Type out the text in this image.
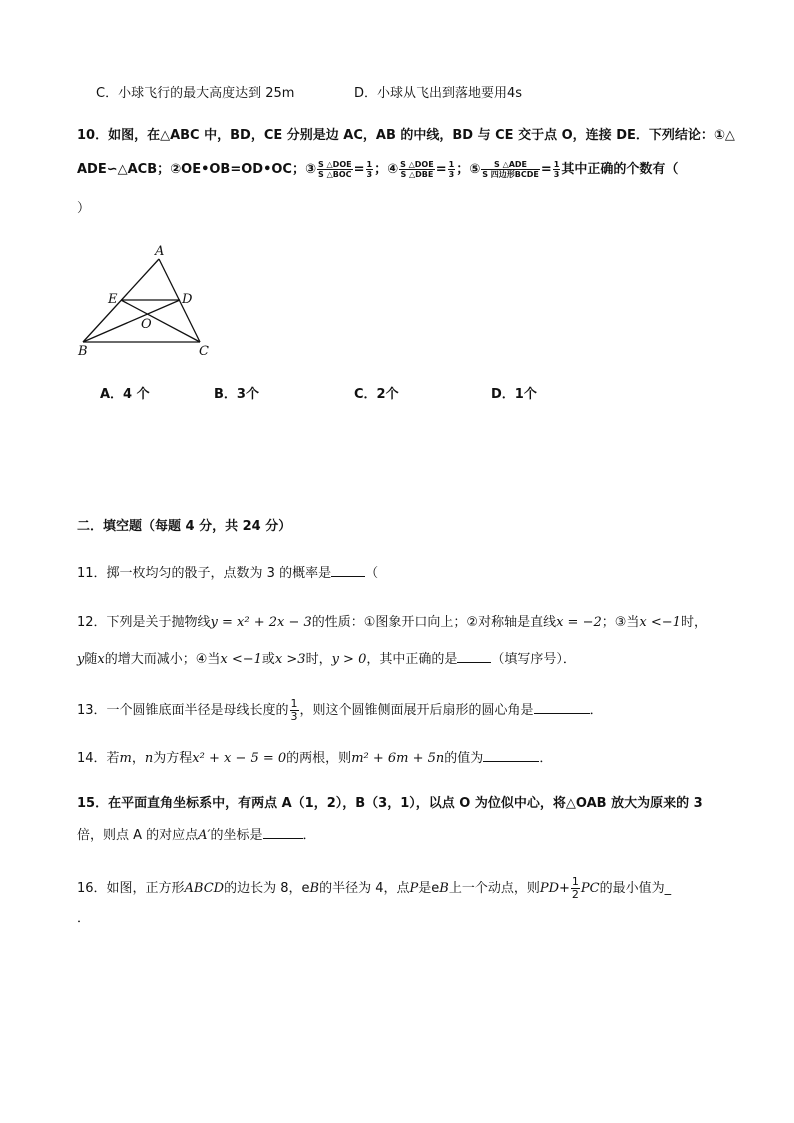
C．小球飞行的最大高度达到 25m	D．小球从飞出到落地要用4s
10．如图，在△ABC 中，BD，CE 分别是边 AC，AB 的中线，BD 与 CE 交于点 O，连接 DE．下列结论：①△
ADE∽△ACB；②OE•OB=OD•OC；③ $\frac{\text{S △DOE}}{\text{S △BOC}} = \frac{1}{3}$ ；④ $\frac{\text{S △DOE}}{\text{S △DBE}} = \frac{1}{3}$ ；⑤ $\frac{\text{S △ADE}}{\text{S 四边形BCDE}} = \frac{1}{3}$ 其中正确的个数有（
）
A
E	D
O
B	C
A．4 个	B．3个	C．2个	D．1个
二．填空题（每题 4 分，共 24 分）
11．掷一枚均匀的骰子，点数为 3 的概率是	（
12．下列是关于抛物线y = x² + 2x − 3的性质：①图象开口向上；②对称轴是直线x = −2；③当x <−1时，
y随x的增大而减小；④当x <−1或x >3时，y > 0，其中正确的是	（填写序号）．
13．一个圆锥底面半径是母线长度的 $\frac{1}{3}$ ，则这个圆锥侧面展开后扇形的圆心角是	．
14．若m，n为方程x² + x − 5 = 0的两根，则m² + 6m + 5n的值为	．
15．在平面直角坐标系中，有两点 A（1，2），B（3，1），以点 O 为位似中心，将△OAB 放大为原来的 3
倍，则点 A 的对应点A′的坐标是	．
16．如图，正方形ABCD的边长为 8，eB的半径为 4，点P是eB上一个动点，则$PD+ \frac{1}{2}$ PC的最小值为_
．
